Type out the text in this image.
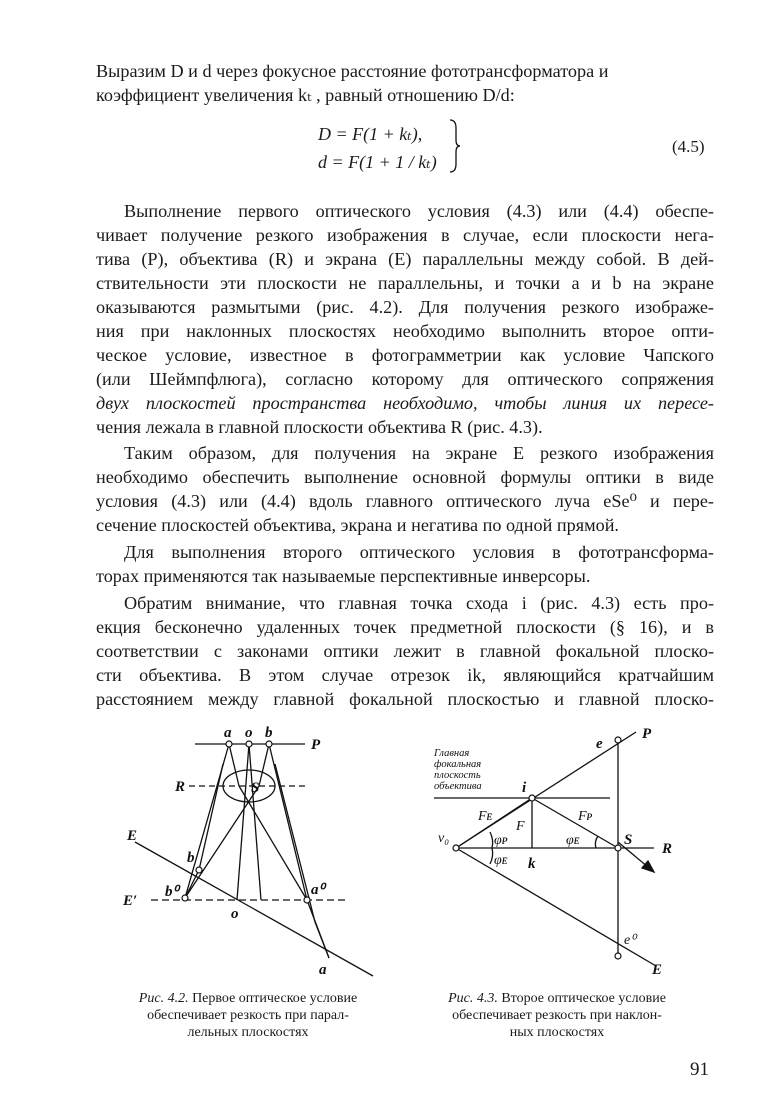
Выразим D и d через фокусное расстояние фототрансформатора и
коэффициент увеличения kₜ , равный отношению D/d:
D = F(1 + kₜ),
d = F(1 + 1 / kₜ)
(4.5)
Выполнение первого оптического условия (4.3) или (4.4) обеспе-
чивает получение резкого изображения в случае, если плоскости нега-
тива (P), объектива (R) и экрана (E) параллельны между собой. В дей-
ствительности эти плоскости не параллельны, и точки a и b на экране
оказываются размытыми (рис. 4.2). Для получения резкого изображе-
ния при наклонных плоскостях необходимо выполнить второе опти-
ческое условие, известное в фотограмметрии как условие Чапского
(или Шеймпфлюга), согласно которому для оптического сопряжения
двух плоскостей пространства необходимо, чтобы линия их пересе-
чения лежала в главной плоскости объектива R (рис. 4.3).
Таким образом, для получения на экране E резкого изображения
необходимо обеспечить выполнение основной формулы оптики в виде
условия (4.3) или (4.4) вдоль главного оптического луча eSe⁰ и пере-
сечение плоскостей объектива, экрана и негатива по одной прямой.
Для выполнения второго оптического условия в фототрансформа-
торах применяются так называемые перспективные инверсоры.
Обратим внимание, что главная точка схода i (рис. 4.3) есть про-
екция бесконечно удаленных точек предметной плоскости (§ 16), и в
соответствии с законами оптики лежит в главной фокальной плоско-
сти объектива. В этом случае отрезок ik, являющийся кратчайшим
расстоянием между главной фокальной плоскостью и главной плоско-
a o b
P
R	S
E
b
E′
b⁰	a⁰
o
a
Рис. 4.2. Первое оптическое условие
обеспечивает резкость при парал-
лельных плоскостях
Главная
фокальная
плоскость
объектива
e
P
i
Fᴇ
F
Fᴘ
v₀	φᴘ
φᴇ
S
R
φᴇ
k
e⁰
E
Рис. 4.3. Второе оптическое условие
обеспечивает резкость при наклон-
ных плоскостях
91
